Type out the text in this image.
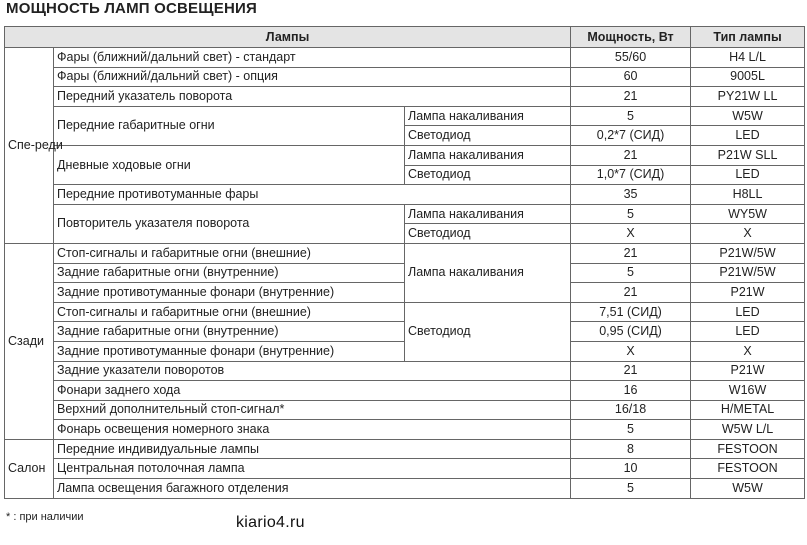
МОЩНОСТЬ ЛАМП ОСВЕЩЕНИЯ
Лампы			Мощность, Вт	Тип лампы
Спе-реди	Фары (ближний/дальний свет) - стандарт		55/60	H4 L/L
	Фары (ближний/дальний свет) - опция		60	9005L
	Передний указатель поворота		21	PY21W LL
	Передние габаритные огни	Лампа накаливания	5	W5W
		Светодиод	0,2*7 (СИД)	LED
	Дневные ходовые огни	Лампа накаливания	21	P21W SLL
		Светодиод	1,0*7 (СИД)	LED
	Передние противотуманные фары		35	H8LL
	Повторитель указателя поворота	Лампа накаливания	5	WY5W
		Светодиод	X	X
Сзади	Стоп-сигналы и габаритные огни (внешние)	Лампа накаливания	21	P21W/5W
	Задние габаритные огни (внутренние)		5	P21W/5W
	Задние противотуманные фонари (внутренние)		21	P21W
	Стоп-сигналы и габаритные огни (внешние)	Светодиод	7,51 (СИД)	LED
	Задние габаритные огни (внутренние)		0,95 (СИД)	LED
	Задние противотуманные фонари (внутренние)		X	X
	Задние указатели поворотов		21	P21W
	Фонари заднего хода		16	W16W
	Верхний дополнительный стоп-сигнал*		16/18	H/METAL
	Фонарь освещения номерного знака		5	W5W L/L
Салон	Передние индивидуальные лампы		8	FESTOON
	Центральная потолочная лампа		10	FESTOON
	Лампа освещения багажного отделения		5	W5W
* : при наличии	kiario4.ru
